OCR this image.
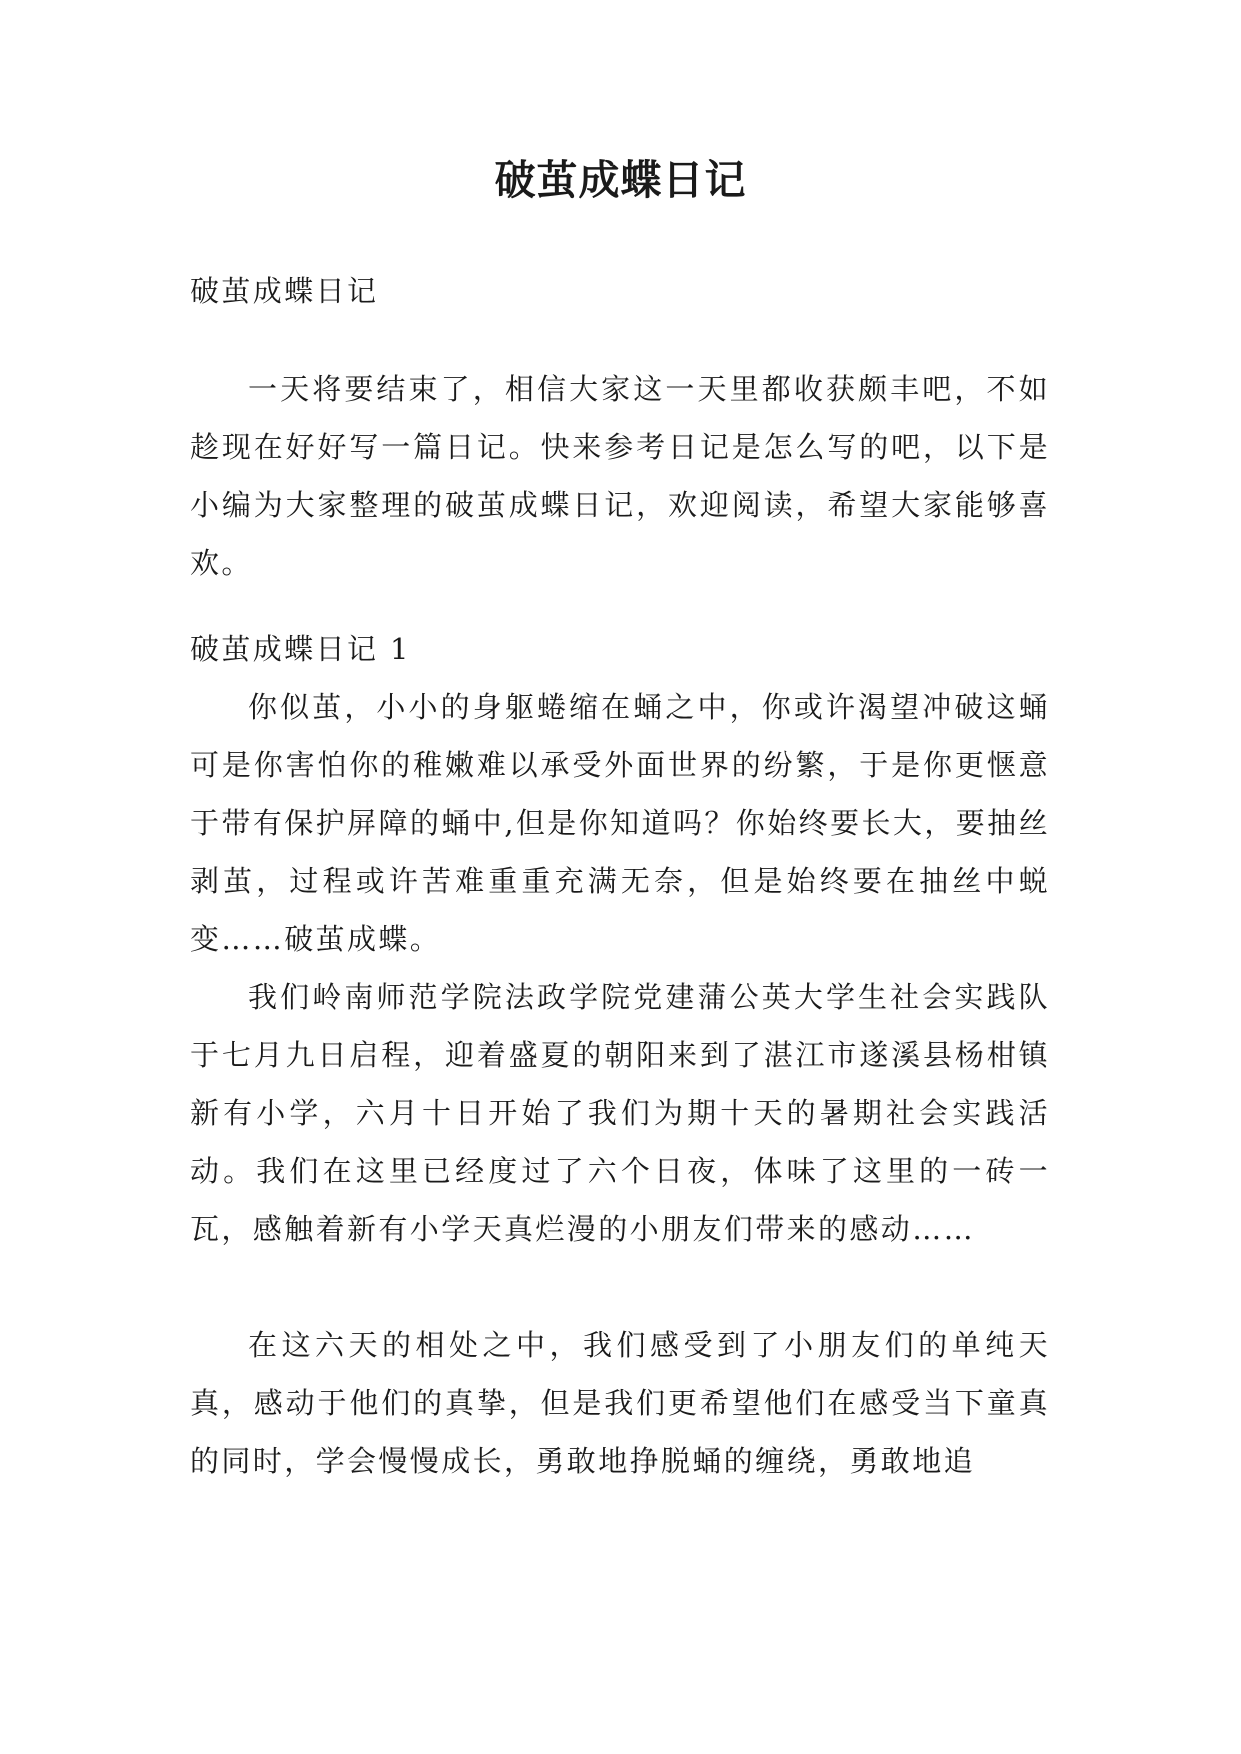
破茧成蝶日记

破茧成蝶日记

一天将要结束了，相信大家这一天里都收获颇丰吧，不如趁现在好好写一篇日记。快来参考日记是怎么写的吧，以下是小编为大家整理的破茧成蝶日记，欢迎阅读，希望大家能够喜欢。

破茧成蝶日记 1

你似茧，小小的身躯蜷缩在蛹之中，你或许渴望冲破这蛹可是你害怕你的稚嫩难以承受外面世界的纷繁，于是你更惬意于带有保护屏障的蛹中,但是你知道吗？你始终要长大，要抽丝剥茧，过程或许苦难重重充满无奈，但是始终要在抽丝中蜕变……破茧成蝶。

我们岭南师范学院法政学院党建蒲公英大学生社会实践队于七月九日启程，迎着盛夏的朝阳来到了湛江市遂溪县杨柑镇新有小学，六月十日开始了我们为期十天的暑期社会实践活动。我们在这里已经度过了六个日夜，体味了这里的一砖一瓦，感触着新有小学天真烂漫的小朋友们带来的感动……

在这六天的相处之中，我们感受到了小朋友们的单纯天真，感动于他们的真挚，但是我们更希望他们在感受当下童真的同时，学会慢慢成长，勇敢地挣脱蛹的缠绕，勇敢地追
